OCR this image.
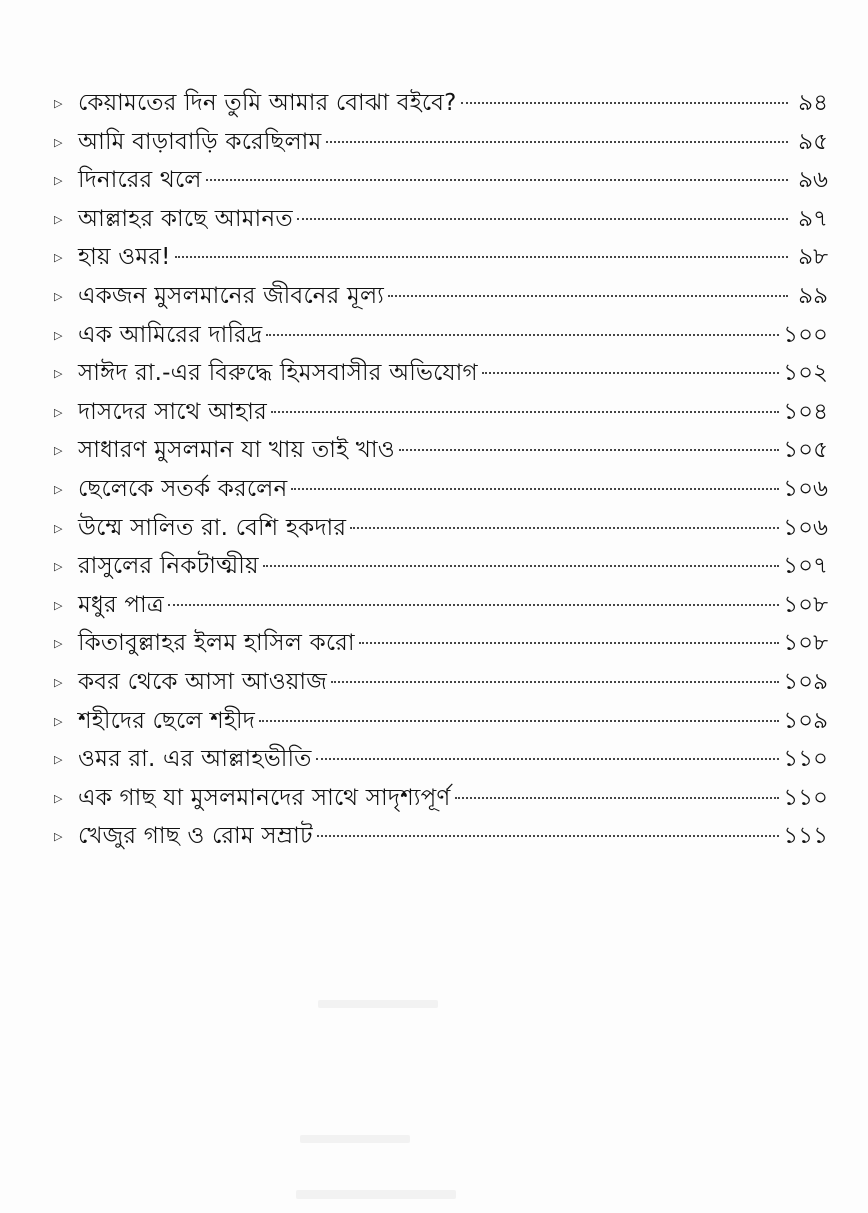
▷ কেয়ামতের দিন তুমি আমার বোঝা বইবে?	৯৪
▷ আমি বাড়াবাড়ি করেছিলাম	৯৫
▷ দিনারের থলে	৯৬
▷ আল্লাহর কাছে আমানত	৯৭
▷ হায় ওমর!	৯৮
▷ একজন মুসলমানের জীবনের মূল্য	৯৯
▷ এক আমিরের দারিদ্র	১০০
▷ সাঈদ রা.-এর বিরুদ্ধে হিমসবাসীর অভিযোগ	১০২
▷ দাসদের সাথে আহার	১০৪
▷ সাধারণ মুসলমান যা খায় তাই খাও	১০৫
▷ ছেলেকে সতর্ক করলেন	১০৬
▷ উম্মে সালিত রা. বেশি হকদার	১০৬
▷ রাসুলের নিকটাত্মীয়	১০৭
▷ মধুর পাত্র	১০৮
▷ কিতাবুল্লাহর ইলম হাসিল করো	১০৮
▷ কবর থেকে আসা আওয়াজ	১০৯
▷ শহীদের ছেলে শহীদ	১০৯
▷ ওমর রা. এর আল্লাহভীতি	১১০
▷ এক গাছ যা মুসলমানদের সাথে সাদৃশ্যপূর্ণ	১১০
▷ খেজুর গাছ ও রোম সম্রাট	১১১
